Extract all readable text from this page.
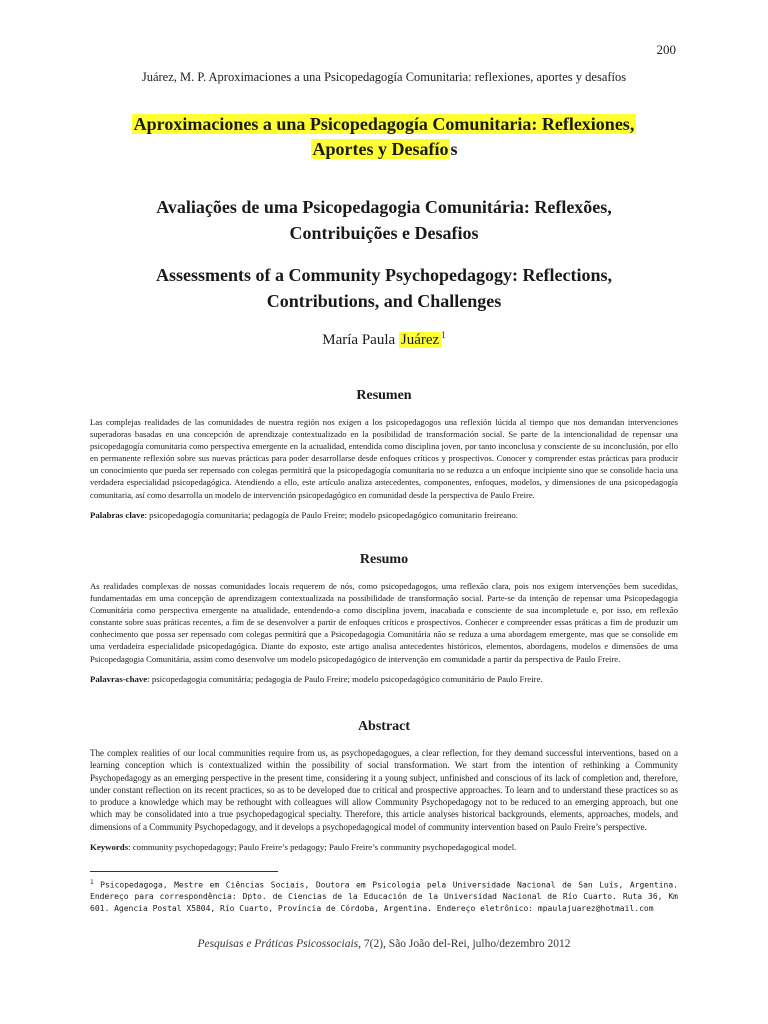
200
Juárez, M. P. Aproximaciones a una Psicopedagogía Comunitaria: reflexiones, aportes y desafíos

Aproximaciones a una Psicopedagogía Comunitaria: Reflexiones,
Aportes y Desafío s

Avaliações de uma Psicopedagogia Comunitária: Reflexões,
Contribuições e Desafios

Assessments of a Community Psychopedagogy: Reflections,
Contributions, and Challenges

María Paula Juárez $^1$

Resumen

Las complejas realidades de las comunidades de nuestra región nos exigen a los psicopedagogos una reflexión lúcida al tiempo que nos demandan intervenciones superadoras basadas en una concepción de aprendizaje contextualizado en la posibilidad de transformación social. Se parte de la intencionalidad de repensar una psicopedagogía comunitaria como perspectiva emergente en la actualidad, entendida como disciplina joven, por tanto inconclusa y consciente de su inconclusión, por ello en permanente reflexión sobre sus nuevas prácticas para poder desarrollarse desde enfoques críticos y prospectivos. Conocer y comprender estas prácticas para producir un conocimiento que pueda ser repensado con colegas permitirá que la psicopedagogía comunitaria no se reduzca a un enfoque incipiente sino que se consolide hacia una verdadera especialidad psicopedagógica. Atendiendo a ello, este artículo analiza antecedentes, componentes, enfoques, modelos, y dimensiones de una psicopedagogía comunitaria, así como desarrolla un modelo de intervención psicopedagógico en comunidad desde la perspectiva de Paulo Freire.

Palabras clave: psicopedagogía comunitaria; pedagogía de Paulo Freire; modelo psicopedagógico comunitario freireano.

Resumo

As realidades complexas de nossas comunidades locais requerem de nós, como psicopedagogos, uma reflexão clara, pois nos exigem intervenções bem sucedidas, fundamentadas em uma concepção de aprendizagem contextualizada na possibilidade de transformação social. Parte-se da intenção de repensar uma Psicopedagogia Comunitária como perspectiva emergente na atualidade, entendendo-a como disciplina jovem, inacabada e consciente de sua incompletude e, por isso, em reflexão constante sobre suas práticas recentes, a fim de se desenvolver a partir de enfoques críticos e prospectivos. Conhecer e compreender essas práticas a fim de produzir um conhecimento que possa ser repensado com colegas permitirá que a Psicopedagogia Comunitária não se reduza a uma abordagem emergente, mas que se consolide em uma verdadeira especialidade psicopedagógica. Diante do exposto, este artigo analisa antecedentes históricos, elementos, abordagens, modelos e dimensões de uma Psicopedagogia Comunitária, assim como desenvolve um modelo psicopedagógico de intervenção em comunidade a partir da perspectiva de Paulo Freire.

Palavras-chave: psicopedagogia comunitária; pedagogia de Paulo Freire; modelo psicopedagógico comunitário de Paulo Freire.

Abstract

The complex realities of our local communities require from us, as psychopedagogues, a clear reflection, for they demand successful interventions, based on a learning conception which is contextualized within the possibility of social transformation. We start from the intention of rethinking a Community Psychopedagogy as an emerging perspective in the present time, considering it a young subject, unfinished and conscious of its lack of completion and, therefore, under constant reflection on its recent practices, so as to be developed due to critical and prospective approaches. To learn and to understand these practices so as to produce a knowledge which may be rethought with colleagues will allow Community Psychopedagogy not to be reduced to an emerging approach, but one which may be consolidated into a true psychopedagogical specialty. Therefore, this article analyses historical backgrounds, elements, approaches, models, and dimensions of a Community Psychopedagogy, and it develops a psychopedagogical model of community intervention based on Paulo Freire’s perspective.

Keywords: community psychopedagogy; Paulo Freire’s pedagogy; Paulo Freire’s community psychopedagogical model.

$^1$ Psicopedagoga, Mestre em Ciências Sociais, Doutora em Psicologia pela Universidade Nacional de San Luís, Argentina. Endereço para correspondência: Dpto. de Ciencias de la Educación de la Universidad Nacional de Río Cuarto. Ruta 36, Km 601. Agencia Postal X5804, Río Cuarto, Província de Córdoba, Argentina. Endereço eletrônico: mpaulajuarez@hotmail.com

Pesquisas e Práticas Psicossociais, 7(2), São João del-Rei, julho/dezembro 2012
